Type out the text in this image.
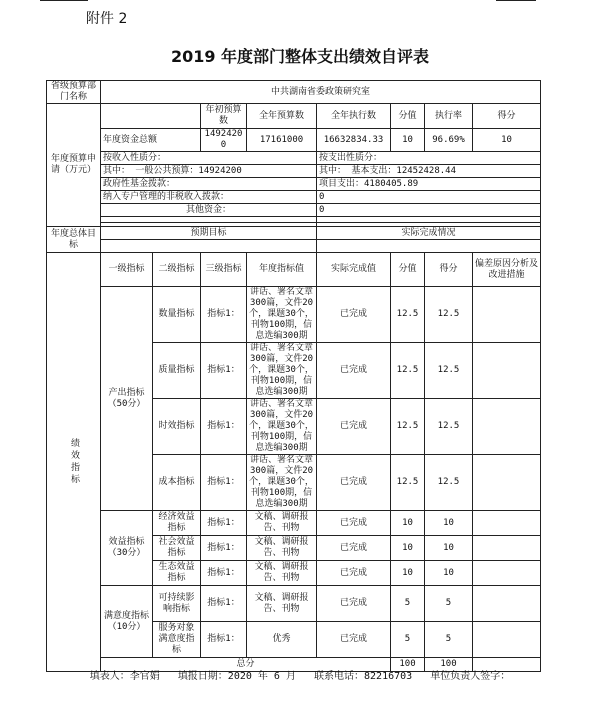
附件 2
2019 年度部门整体支出绩效自评表
省级预算部门名称	中共湖南省委政策研究室							

年度预算申请（万元）			年初预算数	全年预算数	全年执行数	分值	执行率	得分
	年度资金总额		14924200	17161000	16632834.33	10	96.69%	10
	按收入性质分：				按支出性质分：			
	其中： 一般公共预算：14924200				其中： 基本支出：12452428.44			
	政府性基金拨款：				项目支出：4180405.89			
	纳入专户管理的非税收入拨款：				0			
	其他资金：				0			

年度总体目标	预期目标				实际完成情况			

绩效指标	一级指标	二级指标	三级指标	年度指标值	实际完成值	分值	得分	偏差原因分析及改进措施
	产出指标（50分）	数量指标	指标1：	讲话、署名文章300篇，文件20个，课题30个，刊物100期，信息选编300期	已完成	12.5	12.5	
		质量指标	指标1：	讲话、署名文章300篇，文件20个，课题30个，刊物100期，信息选编300期	已完成	12.5	12.5	
		时效指标	指标1：	讲话、署名文章300篇，文件20个，课题30个，刊物100期，信息选编300期	已完成	12.5	12.5	
		成本指标	指标1：	讲话、署名文章300篇，文件20个，课题30个，刊物100期，信息选编300期	已完成	12.5	12.5	
	效益指标（30分）	经济效益指标	指标1：	文稿、调研报告、刊物	已完成	10	10	
		社会效益指标	指标1：	文稿、调研报告、刊物	已完成	10	10	
		生态效益指标	指标1：	文稿、调研报告、刊物	已完成	10	10	
	满意度指标（10分）	可持续影响指标	指标1：	文稿、调研报告、刊物	已完成	5	5	
		服务对象满意度指标	指标1：	优秀	已完成	5	5	
	总分					100	100	
填表人：李官娟 填报日期：2020 年 6 月 联系电话：82216703 单位负责人签字：
